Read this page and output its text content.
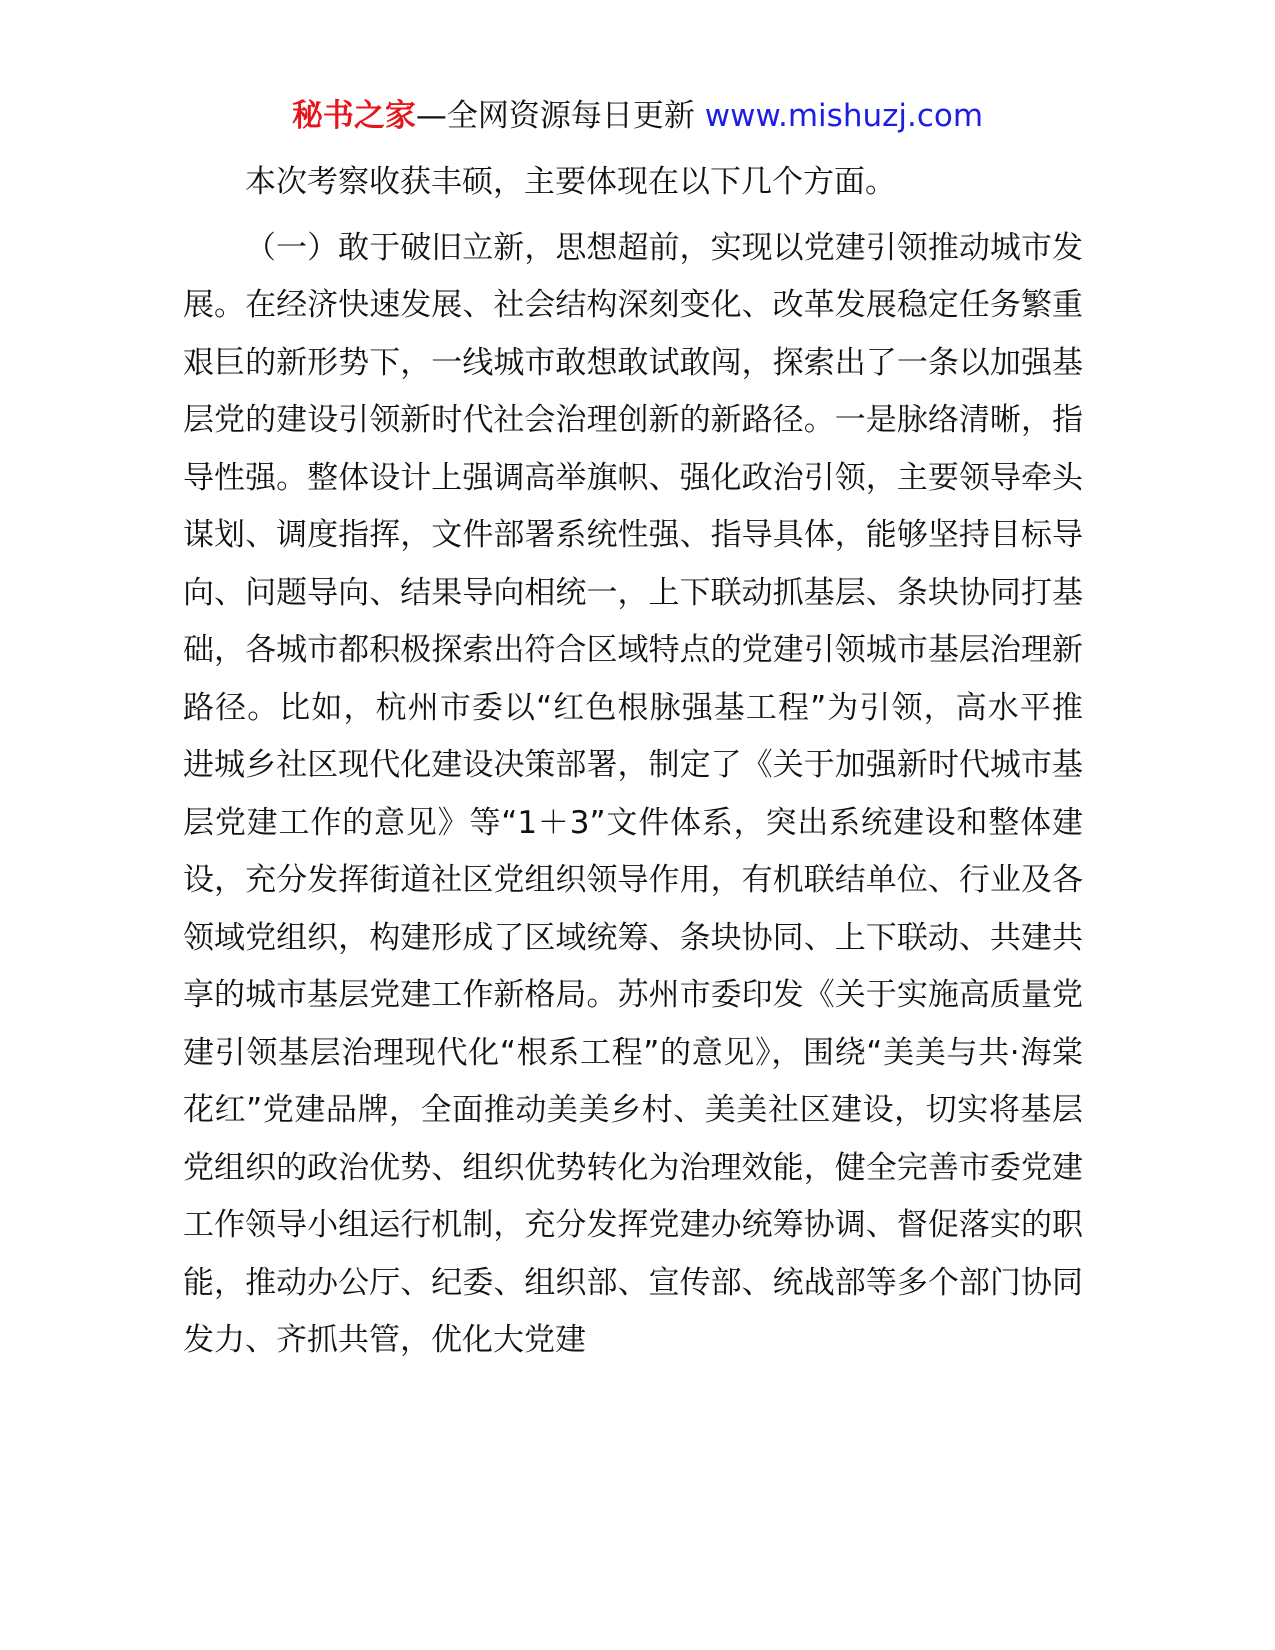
秘书之家—全网资源每日更新 www.mishuzj.com

本次考察收获丰硕，主要体现在以下几个方面。

（一）敢于破旧立新，思想超前，实现以党建引领推动城市发展。在经济快速发展、社会结构深刻变化、改革发展稳定任务繁重艰巨的新形势下，一线城市敢想敢试敢闯，探索出了一条以加强基层党的建设引领新时代社会治理创新的新路径。一是脉络清晰，指导性强。整体设计上强调高举旗帜、强化政治引领，主要领导牵头谋划、调度指挥，文件部署系统性强、指导具体，能够坚持目标导向、问题导向、结果导向相统一，上下联动抓基层、条块协同打基础，各城市都积极探索出符合区域特点的党建引领城市基层治理新路径。比如，杭州市委以“红色根脉强基工程”为引领，高水平推进城乡社区现代化建设决策部署，制定了《关于加强新时代城市基层党建工作的意见》等“1＋3”文件体系，突出系统建设和整体建设，充分发挥街道社区党组织领导作用，有机联结单位、行业及各领域党组织，构建形成了区域统筹、条块协同、上下联动、共建共享的城市基层党建工作新格局。苏州市委印发《关于实施高质量党建引领基层治理现代化“根系工程”的意见》，围绕“美美与共·海棠花红”党建品牌，全面推动美美乡村、美美社区建设，切实将基层党组织的政治优势、组织优势转化为治理效能，健全完善市委党建工作领导小组运行机制，充分发挥党建办统筹协调、督促落实的职能，推动办公厅、纪委、组织部、宣传部、统战部等多个部门协同发力、齐抓共管，优化大党建
